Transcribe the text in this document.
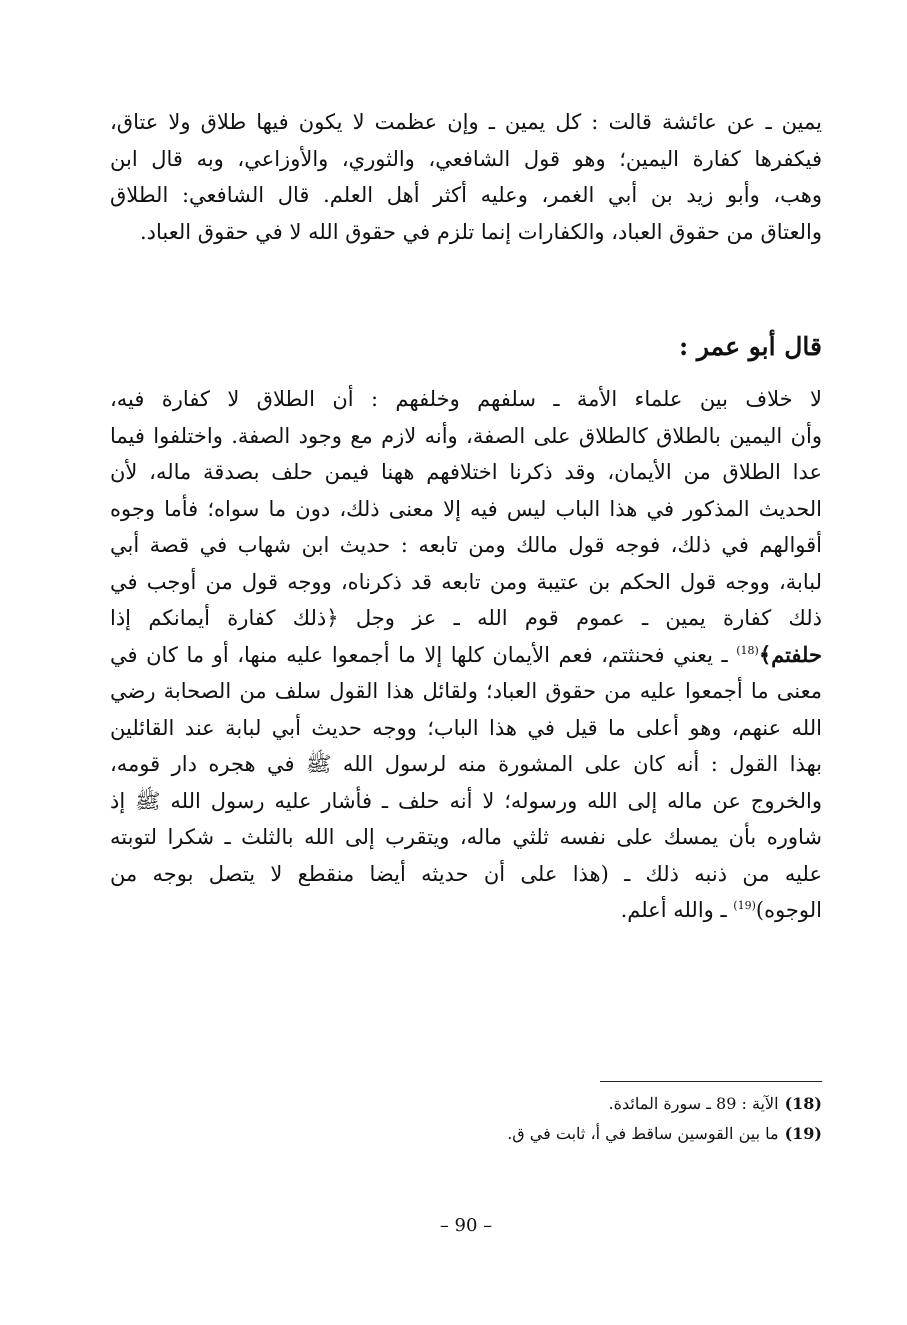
يمين ـ عن عائشة قالت : كل يمين ـ وإن عظمت لا يكون فيها طلاق ولا عتاق،
فيكفرها كفارة اليمين؛ وهو قول الشافعي، والثوري، والأوزاعي، وبه قال ابن
وهب، وأبو زيد بن أبي الغمر، وعليه أكثر أهل العلم. قال الشافعي: الطلاق
والعتاق من حقوق العباد، والكفارات إنما تلزم في حقوق الله لا في حقوق العباد.

قال أبو عمر :

لا خلاف بين علماء الأمة ـ سلفهم وخلفهم : أن الطلاق لا كفارة فيه،
وأن اليمين بالطلاق كالطلاق على الصفة، وأنه لازم مع وجود الصفة. واختلفوا فيما
عدا الطلاق من الأيمان، وقد ذكرنا اختلافهم ههنا فيمن حلف بصدقة ماله، لأن
الحديث المذكور في هذا الباب ليس فيه إلا معنى ذلك، دون ما سواه؛ فأما وجوه
أقوالهم في ذلك، فوجه قول مالك ومن تابعه : حديث ابن شهاب في قصة أبي
لبابة، ووجه قول الحكم بن عتيبة ومن تابعه قد ذكرناه، ووجه قول من أوجب في
ذلك كفارة يمين ـ عموم قوم الله ـ عز وجل ﴿ذلك كفارة أيمانكم إذا
حلفتم﴾$^{(18)}$ ـ يعني فحنثتم، فعم الأيمان كلها إلا ما أجمعوا عليه منها، أو ما كان في
معنى ما أجمعوا عليه من حقوق العباد؛ ولقائل هذا القول سلف من الصحابة رضي
الله عنهم، وهو أعلى ما قيل في هذا الباب؛ ووجه حديث أبي لبابة عند القائلين
بهذا القول : أنه كان على المشورة منه لرسول الله ﷺ في هجره دار قومه،
والخروج عن ماله إلى الله ورسوله؛ لا أنه حلف ـ فأشار عليه رسول الله ﷺ إذ
شاوره بأن يمسك على نفسه ثلثي ماله، ويتقرب إلى الله بالثلث ـ شكرا لتوبته
عليه من ذنبه ذلك ـ (هذا على أن حديثه أيضا منقطع لا يتصل بوجه من
الوجوه)$^{(19)}$ ـ والله أعلم.

(18)الآية : 89 ـ سورة المائدة.
(19)ما بين القوسين ساقط في أ، ثابت في ق.
– 90 –
